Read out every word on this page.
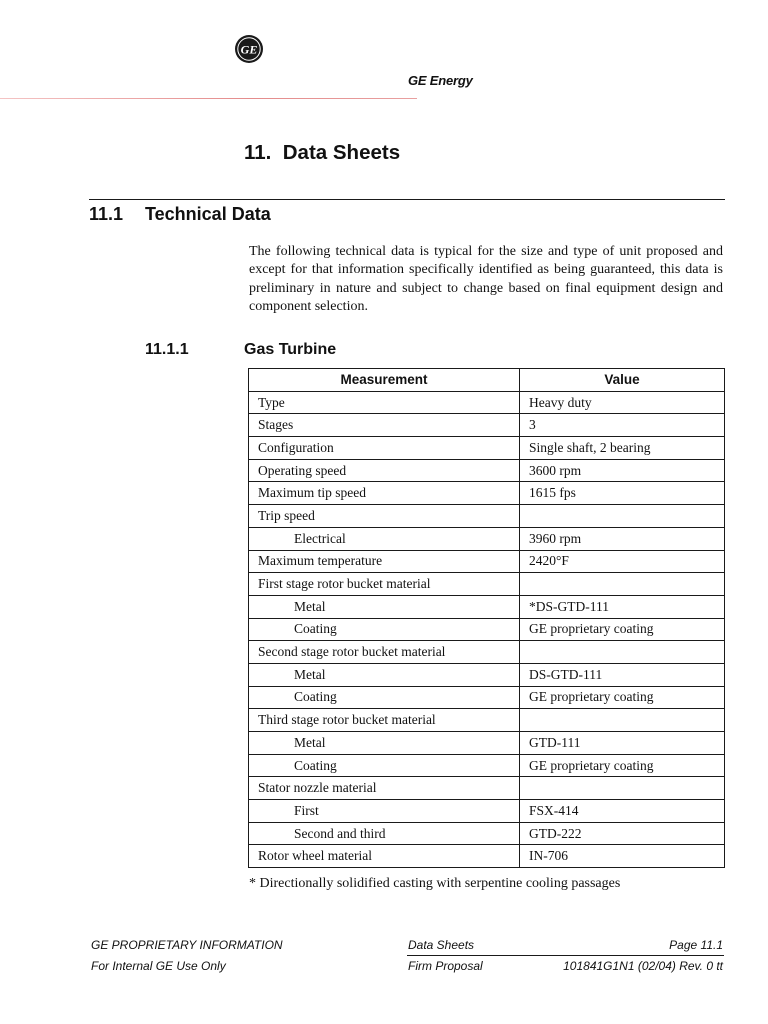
GE
GE Energy
11.  Data Sheets
11.1 Technical Data

The following technical data is typical for the size and type of unit proposed and except for that information specifically identified as being guaranteed, this data is preliminary in nature and subject to change based on final equipment design and component selection.

11.1.1	Gas Turbine
Measurement	Value
Type	Heavy duty
Stages	3
Configuration	Single shaft, 2 bearing
Operating speed	3600 rpm
Maximum tip speed	1615 fps
Trip speed	
Electrical	3960 rpm
Maximum temperature	2420°F
First stage rotor bucket material	
Metal	*DS-GTD-111
Coating	GE proprietary coating
Second stage rotor bucket material	
Metal	DS-GTD-111
Coating	GE proprietary coating
Third stage rotor bucket material	
Metal	GTD-111
Coating	GE proprietary coating
Stator nozzle material	
First	FSX-414
Second and third	GTD-222
Rotor wheel material	IN-706
* Directionally solidified casting with serpentine cooling passages
GE PROPRIETARY INFORMATION
For Internal GE Use Only
Data Sheets
Firm Proposal
Page 11.1
101841G1N1 (02/04) Rev. 0 tt
